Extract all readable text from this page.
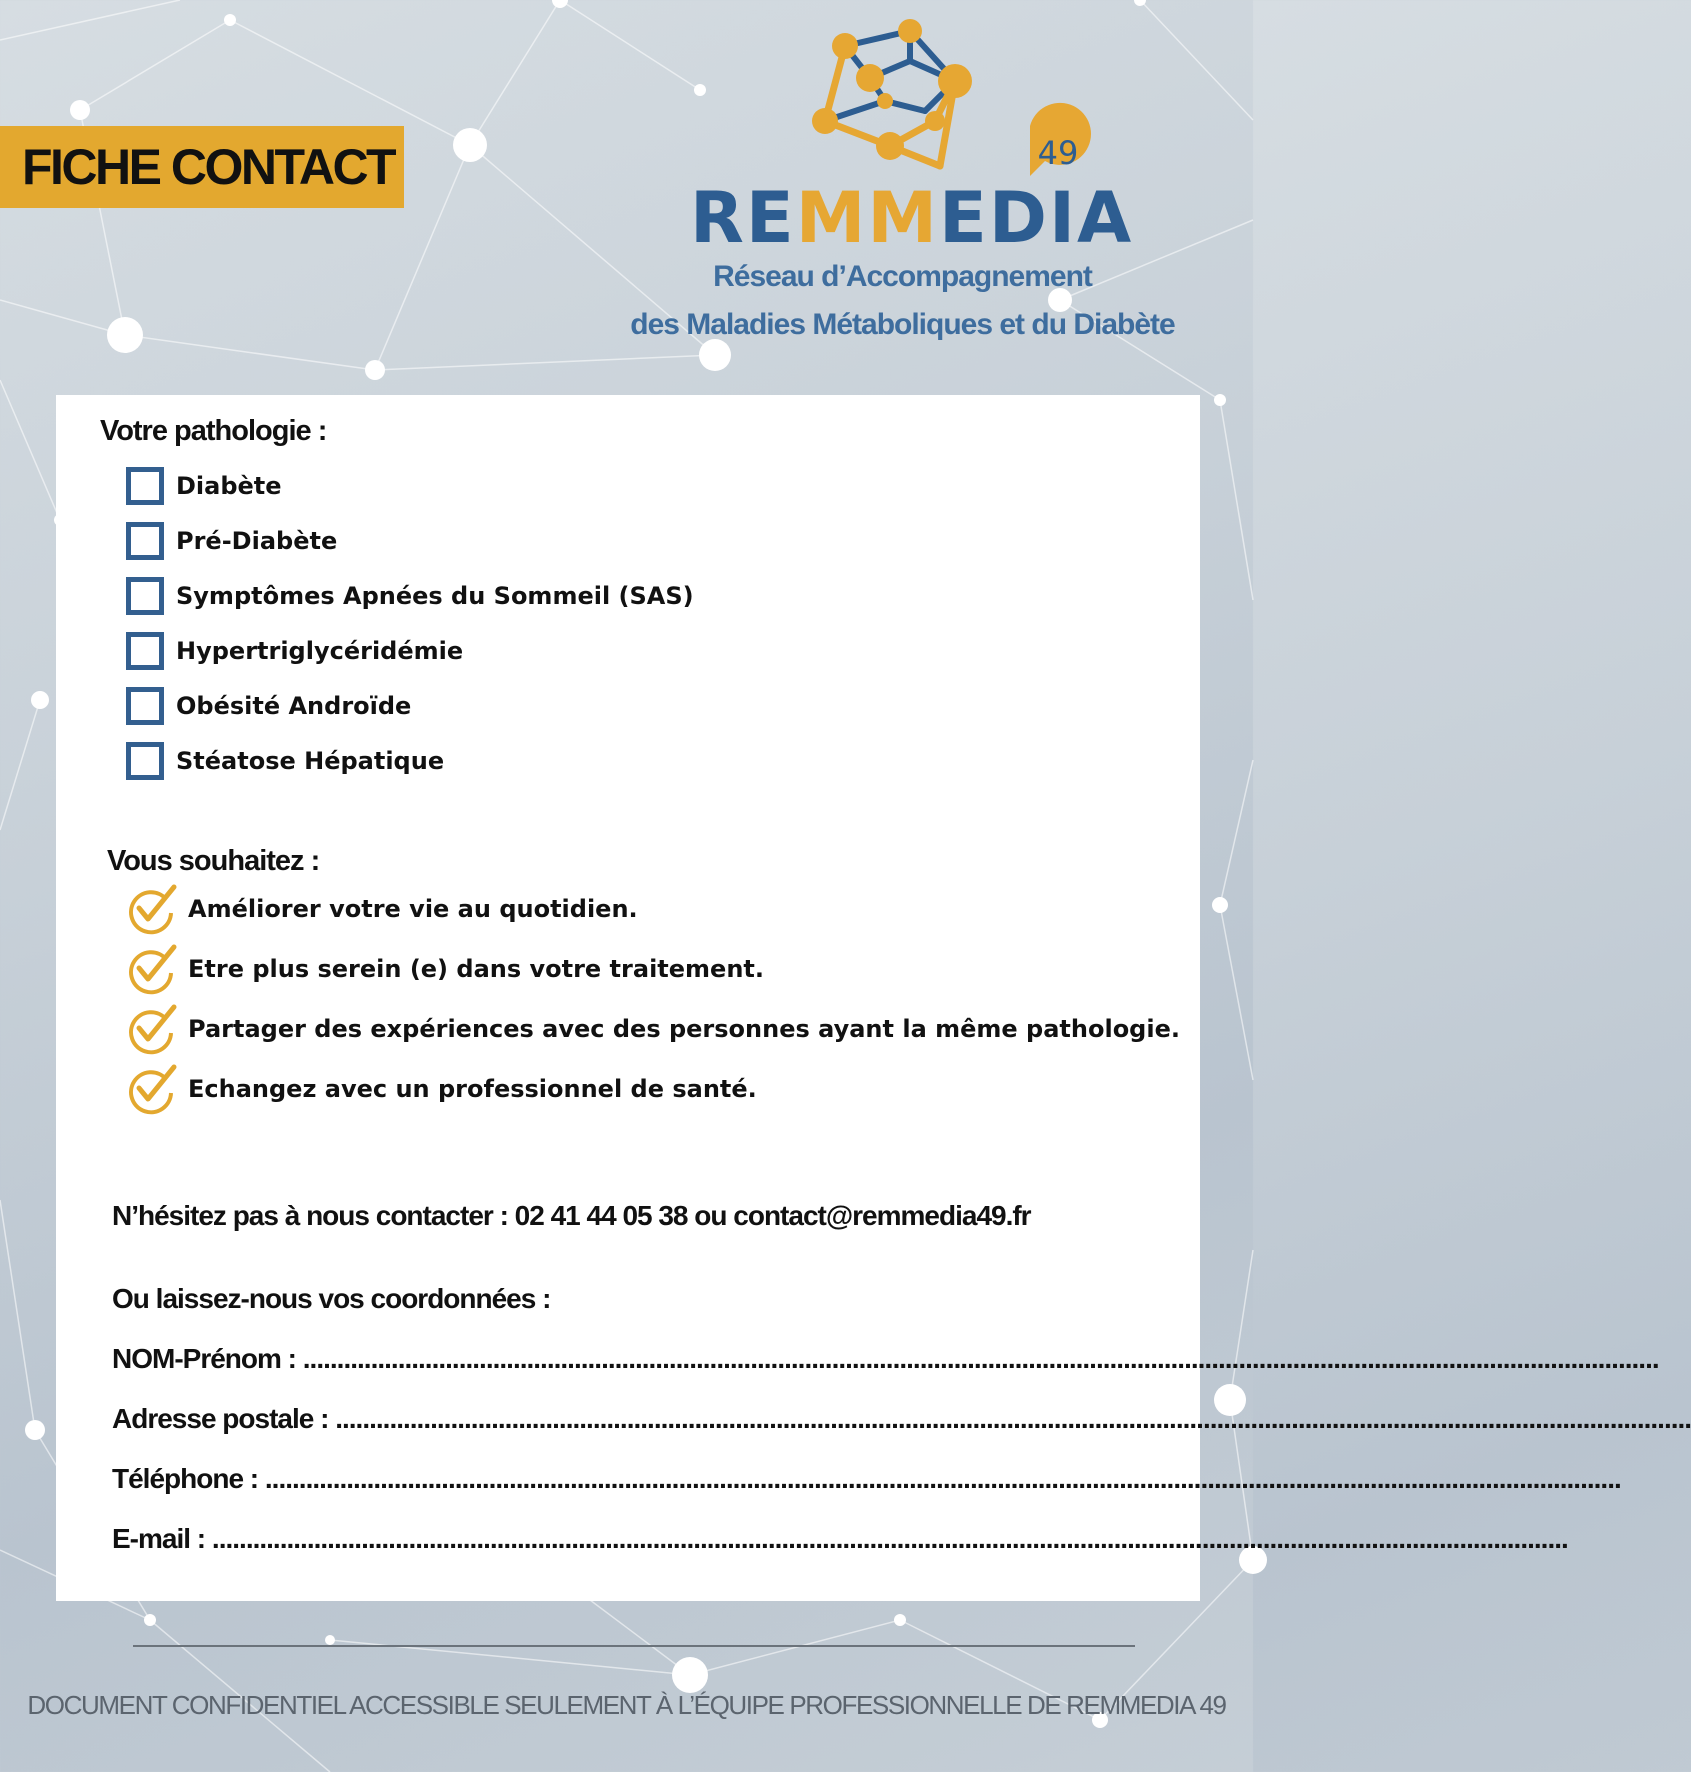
FICHE CONTACT	49
REMMEDIA
Réseau d’Accompagnement
des Maladies Métaboliques et du Diabète
Votre pathologie :
Diabète
Pré-Diabète
Symptômes Apnées du Sommeil (SAS)
Hypertriglycéridémie
Obésité Androïde
Stéatose Hépatique
Vous souhaitez :
Améliorer votre vie au quotidien.
Etre plus serein (e) dans votre traitement.
Partager des expériences avec des personnes ayant la même pathologie.
Echangez avec un professionnel de santé.
N’hésitez pas à nous contacter : 02 41 44 05 38 ou contact@remmedia49.fr
Ou laissez-nous vos coordonnées :
NOM-Prénom : ........................................................................................................................................................................................................
Adresse postale : ........................................................................................................................................................................................................
Téléphone : ........................................................................................................................................................................................................
E-mail : ........................................................................................................................................................................................................
DOCUMENT CONFIDENTIEL ACCESSIBLE SEULEMENT À L’ÉQUIPE PROFESSIONNELLE DE REMMEDIA 49
